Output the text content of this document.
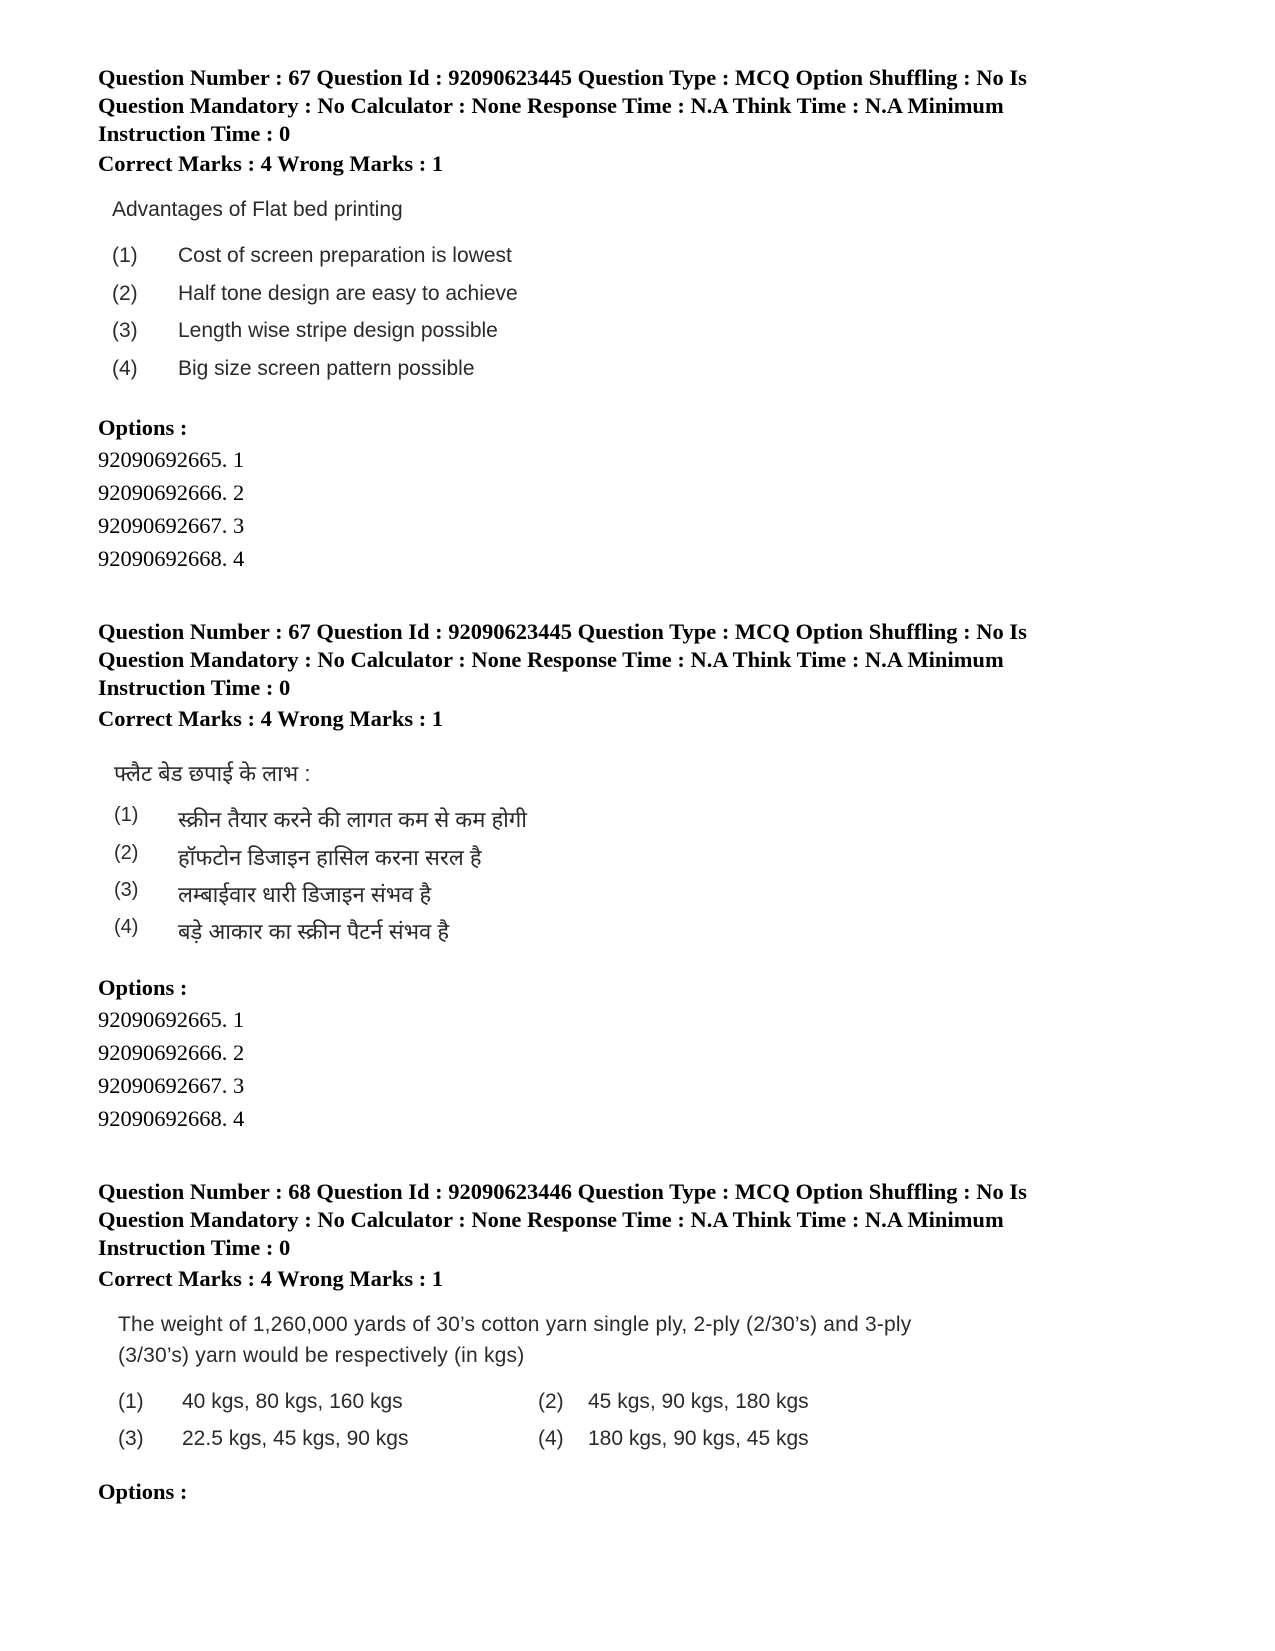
Question Number : 67 Question Id : 92090623445 Question Type : MCQ Option Shuffling : No Is
Question Mandatory : No Calculator : None Response Time : N.A Think Time : N.A Minimum
Instruction Time : 0
Correct Marks : 4 Wrong Marks : 1
Advantages of Flat bed printing
(1) Cost of screen preparation is lowest
(2) Half tone design are easy to achieve
(3) Length wise stripe design possible
(4) Big size screen pattern possible
Options :
92090692665. 1
92090692666. 2
92090692667. 3
92090692668. 4
Question Number : 67 Question Id : 92090623445 Question Type : MCQ Option Shuffling : No Is
Question Mandatory : No Calculator : None Response Time : N.A Think Time : N.A Minimum
Instruction Time : 0
Correct Marks : 4 Wrong Marks : 1
फ्लैट बेड छपाई के लाभ :
(1) स्क्रीन तैयार करने की लागत कम से कम होगी
(2) हॉफटोन डिजाइन हासिल करना सरल है
(3) लम्बाईवार धारी डिजाइन संभव है
(4) बड़े आकार का स्क्रीन पैटर्न संभव है
Options :
92090692665. 1
92090692666. 2
92090692667. 3
92090692668. 4
Question Number : 68 Question Id : 92090623446 Question Type : MCQ Option Shuffling : No Is
Question Mandatory : No Calculator : None Response Time : N.A Think Time : N.A Minimum
Instruction Time : 0
Correct Marks : 4 Wrong Marks : 1
The weight of 1,260,000 yards of 30’s cotton yarn single ply, 2-ply (2/30’s) and 3-ply
(3/30’s) yarn would be respectively (in kgs)
(1) 40 kgs, 80 kgs, 160 kgs	(2) 45 kgs, 90 kgs, 180 kgs
(3) 22.5 kgs, 45 kgs, 90 kgs	(4) 180 kgs, 90 kgs, 45 kgs
Options :
